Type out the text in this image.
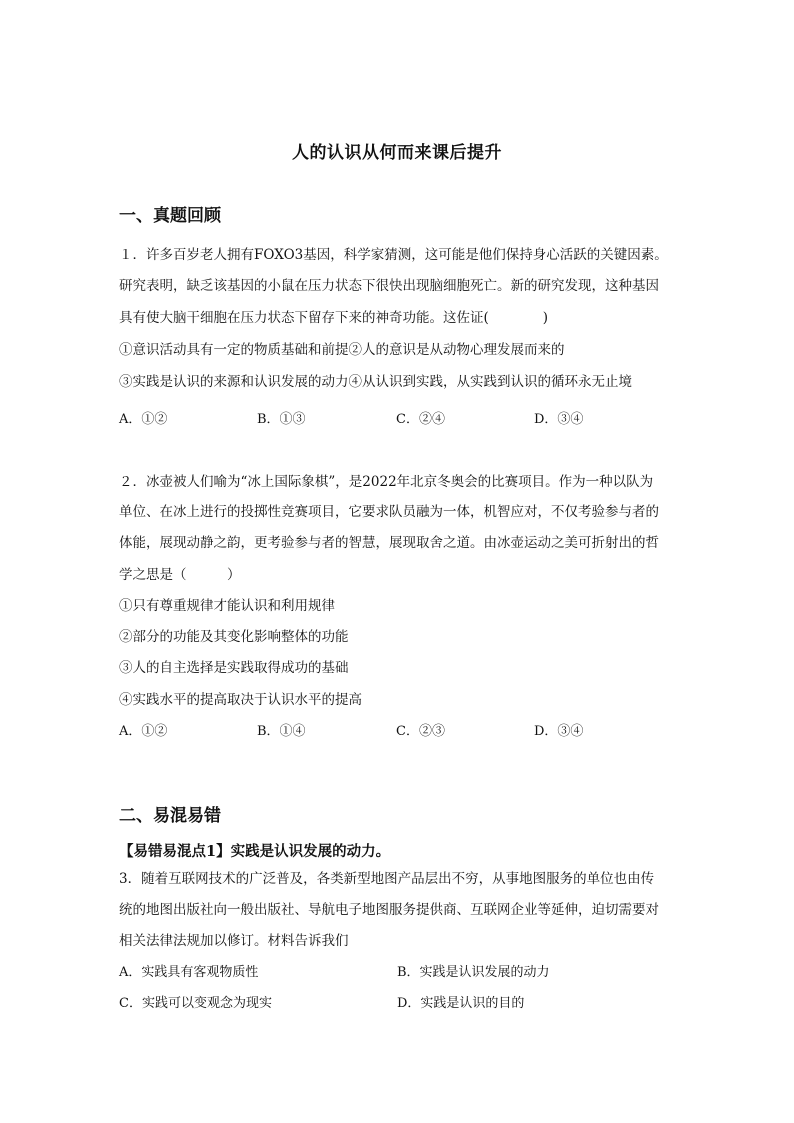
人的认识从何而来课后提升
一、真题回顾
１．许多百岁老人拥有FOXO3基因，科学家猜测，这可能是他们保持身心活跃的关键因素。
研究表明，缺乏该基因的小鼠在压力状态下很快出现脑细胞死亡。新的研究发现，这种基因
具有使大脑干细胞在压力状态下留存下来的神奇功能。这佐证(　　　　)
①意识活动具有一定的物质基础和前提②人的意识是从动物心理发展而来的
③实践是认识的来源和认识发展的动力④从认识到实践，从实践到认识的循环永无止境
A．①②	B．①③	C．②④	D．③④
２．冰壶被人们喻为“冰上国际象棋”，是2022年北京冬奥会的比赛项目。作为一种以队为
单位、在冰上进行的投掷性竞赛项目，它要求队员融为一体，机智应对，不仅考验参与者的
体能，展现动静之韵，更考验参与者的智慧，展现取舍之道。由冰壶运动之美可折射出的哲
学之思是（　　　）
①只有尊重规律才能认识和利用规律
②部分的功能及其变化影响整体的功能
③人的自主选择是实践取得成功的基础
④实践水平的提高取决于认识水平的提高
A．①②	B．①④	C．②③	D．③④
二、易混易错
【易错易混点1】实践是认识发展的动力。
3．随着互联网技术的广泛普及，各类新型地图产品层出不穷，从事地图服务的单位也由传
统的地图出版社向一般出版社、导航电子地图服务提供商、互联网企业等延伸，迫切需要对
相关法律法规加以修订。材料告诉我们
A．实践具有客观物质性	B．实践是认识发展的动力
C．实践可以变观念为现实	D．实践是认识的目的
